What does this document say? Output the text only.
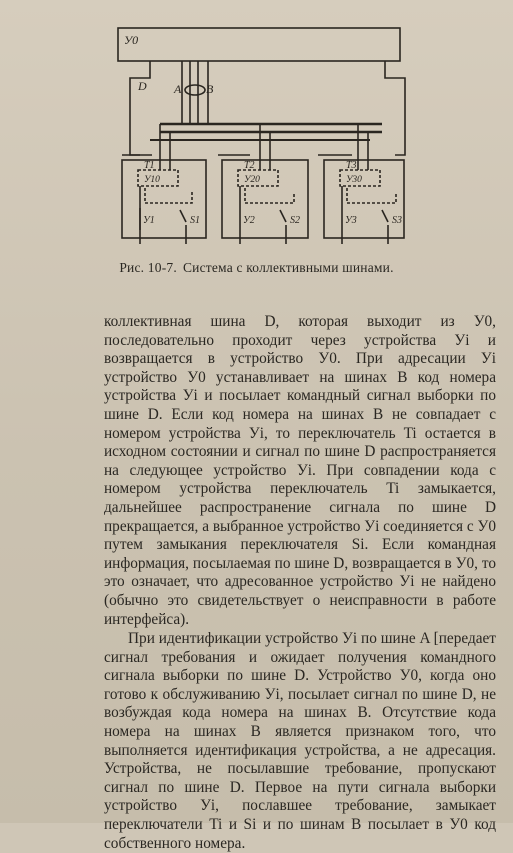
У0
D A B
T1
У10
У1	S1
T2
У20
У2	S2
T3
У30
У3	S3
Рис. 10-7. Система с коллективными шинами.

коллективная шина D, которая выходит из У0, последовательно проходит через устройства Уi и возвращается в устройство У0. При адресации Уi устройство У0 устанавливает на шинах B код номера устройства Уi и посылает командный сигнал выборки по шине D. Если код номера на шинах B не совпадает с номером устройства Уi, то переключатель Ti остается в исходном состоянии и сигнал по шине D распространяется на следующее устройство Уi. При совпадении кода с номером устройства переключатель Ti замыкается, дальнейшее распространение сигнала по шине D прекращается, а выбранное устройство Уi соединяется с У0 путем замыкания переключателя Si. Если командная информация, посылаемая по шине D, возвращается в У0, то это означает, что адресованное устройство Уi не найдено (обычно это свидетельствует о неисправности в работе интерфейса).

При идентификации устройство Уi по шине A [передает сигнал требования и ожидает получения командного сигнала выборки по шине D. Устройство У0, когда оно готово к обслуживанию Уi, посылает сигнал по шине D, не возбуждая кода номера на шинах B. Отсутствие кода номера на шинах B является признаком того, что выполняется идентификация устройства, а не адресация. Устройства, не посылавшие требование, пропускают сигнал по шине D. Первое на пути сигнала выборки устройство Уi, пославшее требование, замыкает переключатели Ti и Si и по шинам B посылает в У0 код собственного номера.
